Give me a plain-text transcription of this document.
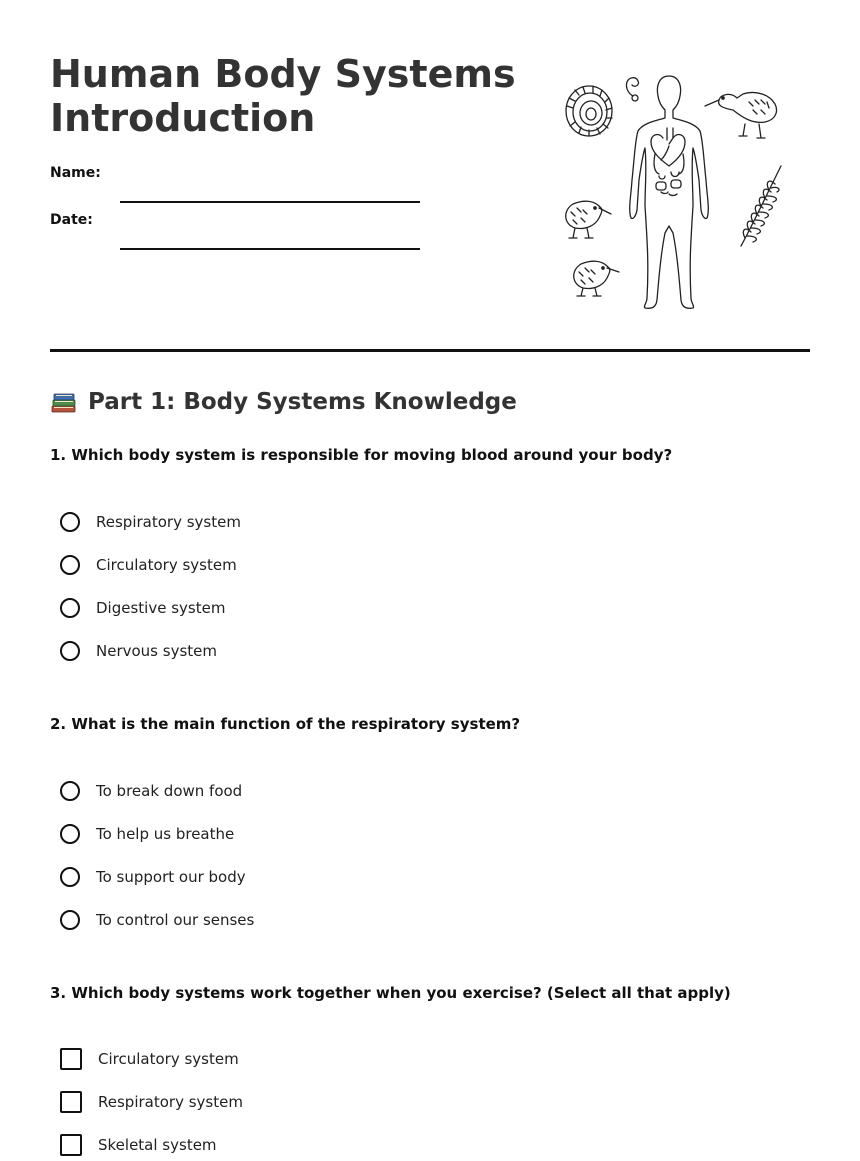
Human Body Systems
Introduction
Name:
Date:
Part 1: Body Systems Knowledge

1. Which body system is responsible for moving blood around your body?

Respiratory system
Circulatory system
Digestive system
Nervous system

2. What is the main function of the respiratory system?

To break down food
To help us breathe
To support our body
To control our senses

3. Which body systems work together when you exercise? (Select all that apply)

Circulatory system
Respiratory system
Skeletal system
